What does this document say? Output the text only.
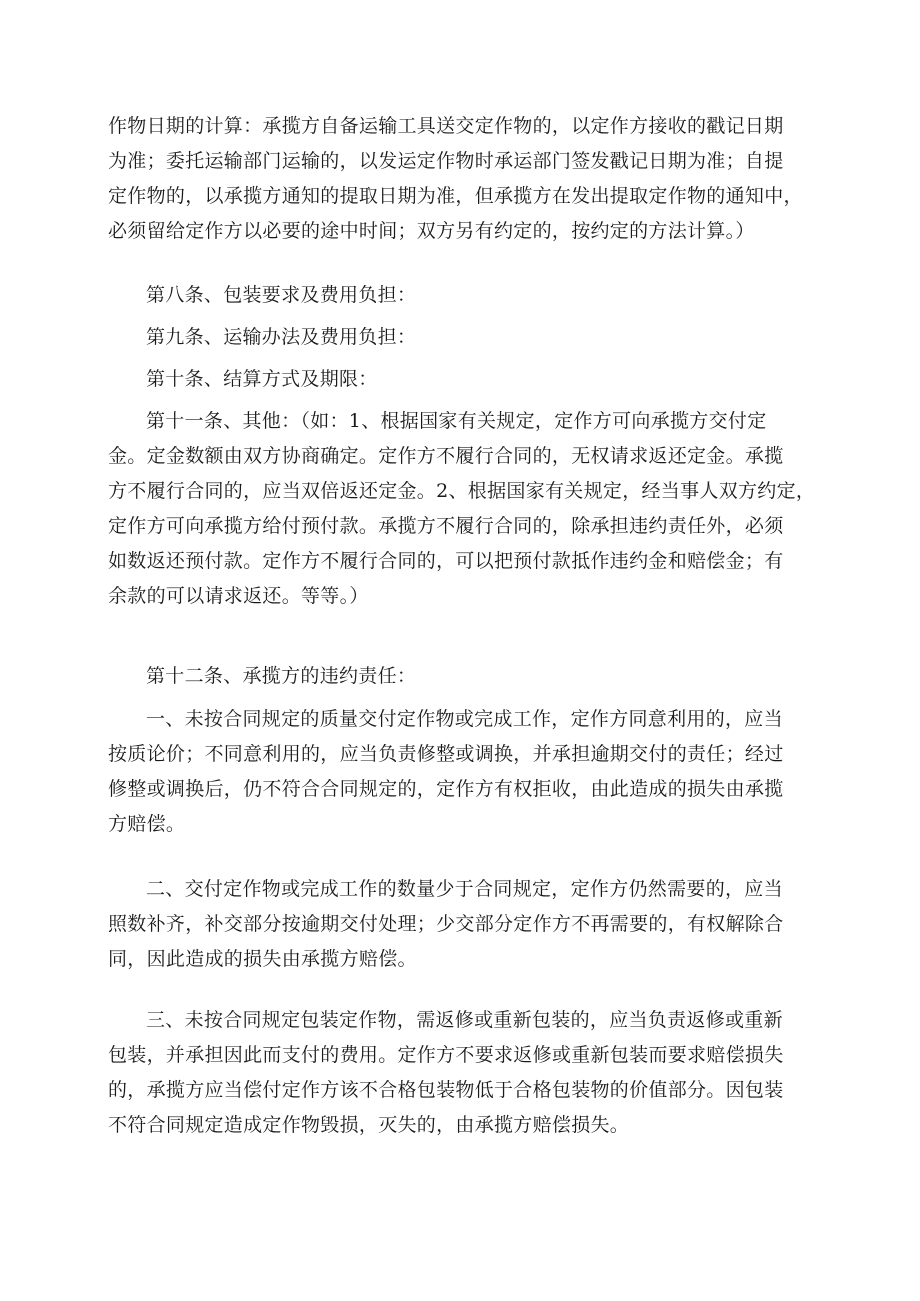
作物日期的计算：承揽方自备运输工具送交定作物的，以定作方接收的戳记日期
为准；委托运输部门运输的，以发运定作物时承运部门签发戳记日期为准；自提
定作物的，以承揽方通知的提取日期为准，但承揽方在发出提取定作物的通知中，
必须留给定作方以必要的途中时间；双方另有约定的，按约定的方法计算。）
第八条、包装要求及费用负担：
第九条、运输办法及费用负担：
第十条、结算方式及期限：
第十一条、其他：（如：1、根据国家有关规定，定作方可向承揽方交付定
金。定金数额由双方协商确定。定作方不履行合同的，无权请求返还定金。承揽
方不履行合同的，应当双倍返还定金。2、根据国家有关规定，经当事人双方约定，
定作方可向承揽方给付预付款。承揽方不履行合同的，除承担违约责任外，必须
如数返还预付款。定作方不履行合同的，可以把预付款抵作违约金和赔偿金；有
余款的可以请求返还。等等。）
第十二条、承揽方的违约责任：
一、未按合同规定的质量交付定作物或完成工作，定作方同意利用的，应当
按质论价；不同意利用的，应当负责修整或调换，并承担逾期交付的责任；经过
修整或调换后，仍不符合合同规定的，定作方有权拒收，由此造成的损失由承揽
方赔偿。
二、交付定作物或完成工作的数量少于合同规定，定作方仍然需要的，应当
照数补齐，补交部分按逾期交付处理；少交部分定作方不再需要的，有权解除合
同，因此造成的损失由承揽方赔偿。
三、未按合同规定包装定作物，需返修或重新包装的，应当负责返修或重新
包装，并承担因此而支付的费用。定作方不要求返修或重新包装而要求赔偿损失
的，承揽方应当偿付定作方该不合格包装物低于合格包装物的价值部分。因包装
不符合同规定造成定作物毁损，灭失的，由承揽方赔偿损失。
